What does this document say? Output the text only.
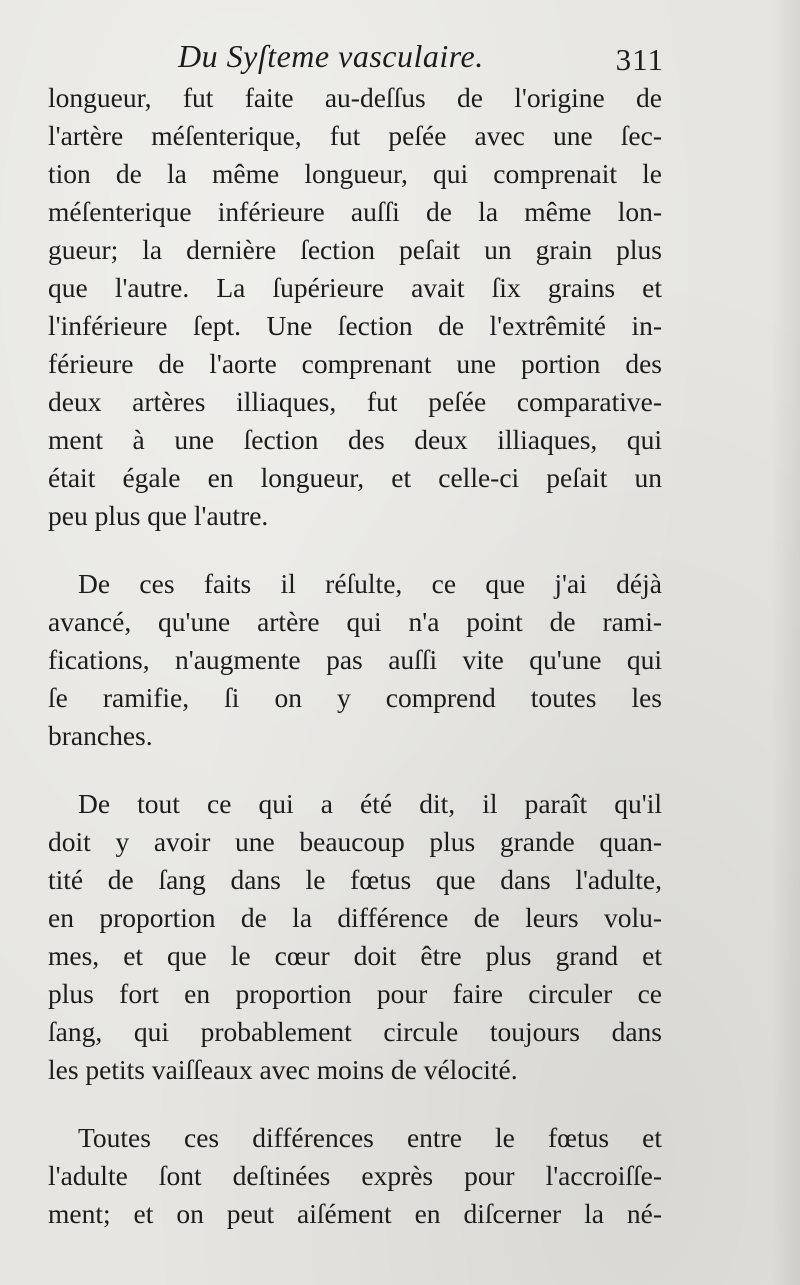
Du Syſteme vasculaire.	311

longueur, fut faite au-deſſus de l'origine de
l'artère méſenterique, fut peſée avec une ſec-
tion de la même longueur, qui comprenait le
méſenterique inférieure auſſi de la même lon-
gueur; la dernière ſection peſait un grain plus
que l'autre. La ſupérieure avait ſix grains et
l'inférieure ſept. Une ſection de l'extrêmité in-
férieure de l'aorte comprenant une portion des
deux artères illiaques, fut peſée comparative-
ment à une ſection des deux illiaques, qui
était égale en longueur, et celle-ci peſait un
peu plus que l'autre.

De ces faits il réſulte, ce que j'ai déjà
avancé, qu'une artère qui n'a point de rami-
fications, n'augmente pas auſſi vite qu'une qui
ſe ramifie, ſi on y comprend toutes les
branches.

De tout ce qui a été dit, il paraît qu'il
doit y avoir une beaucoup plus grande quan-
tité de ſang dans le fœtus que dans l'adulte,
en proportion de la différence de leurs volu-
mes, et que le cœur doit être plus grand et
plus fort en proportion pour faire circuler ce
ſang, qui probablement circule toujours dans
les petits vaiſſeaux avec moins de vélocité.

Toutes ces différences entre le fœtus et
l'adulte ſont deſtinées exprès pour l'accroiſſe-
ment; et on peut aiſément en diſcerner la né-
